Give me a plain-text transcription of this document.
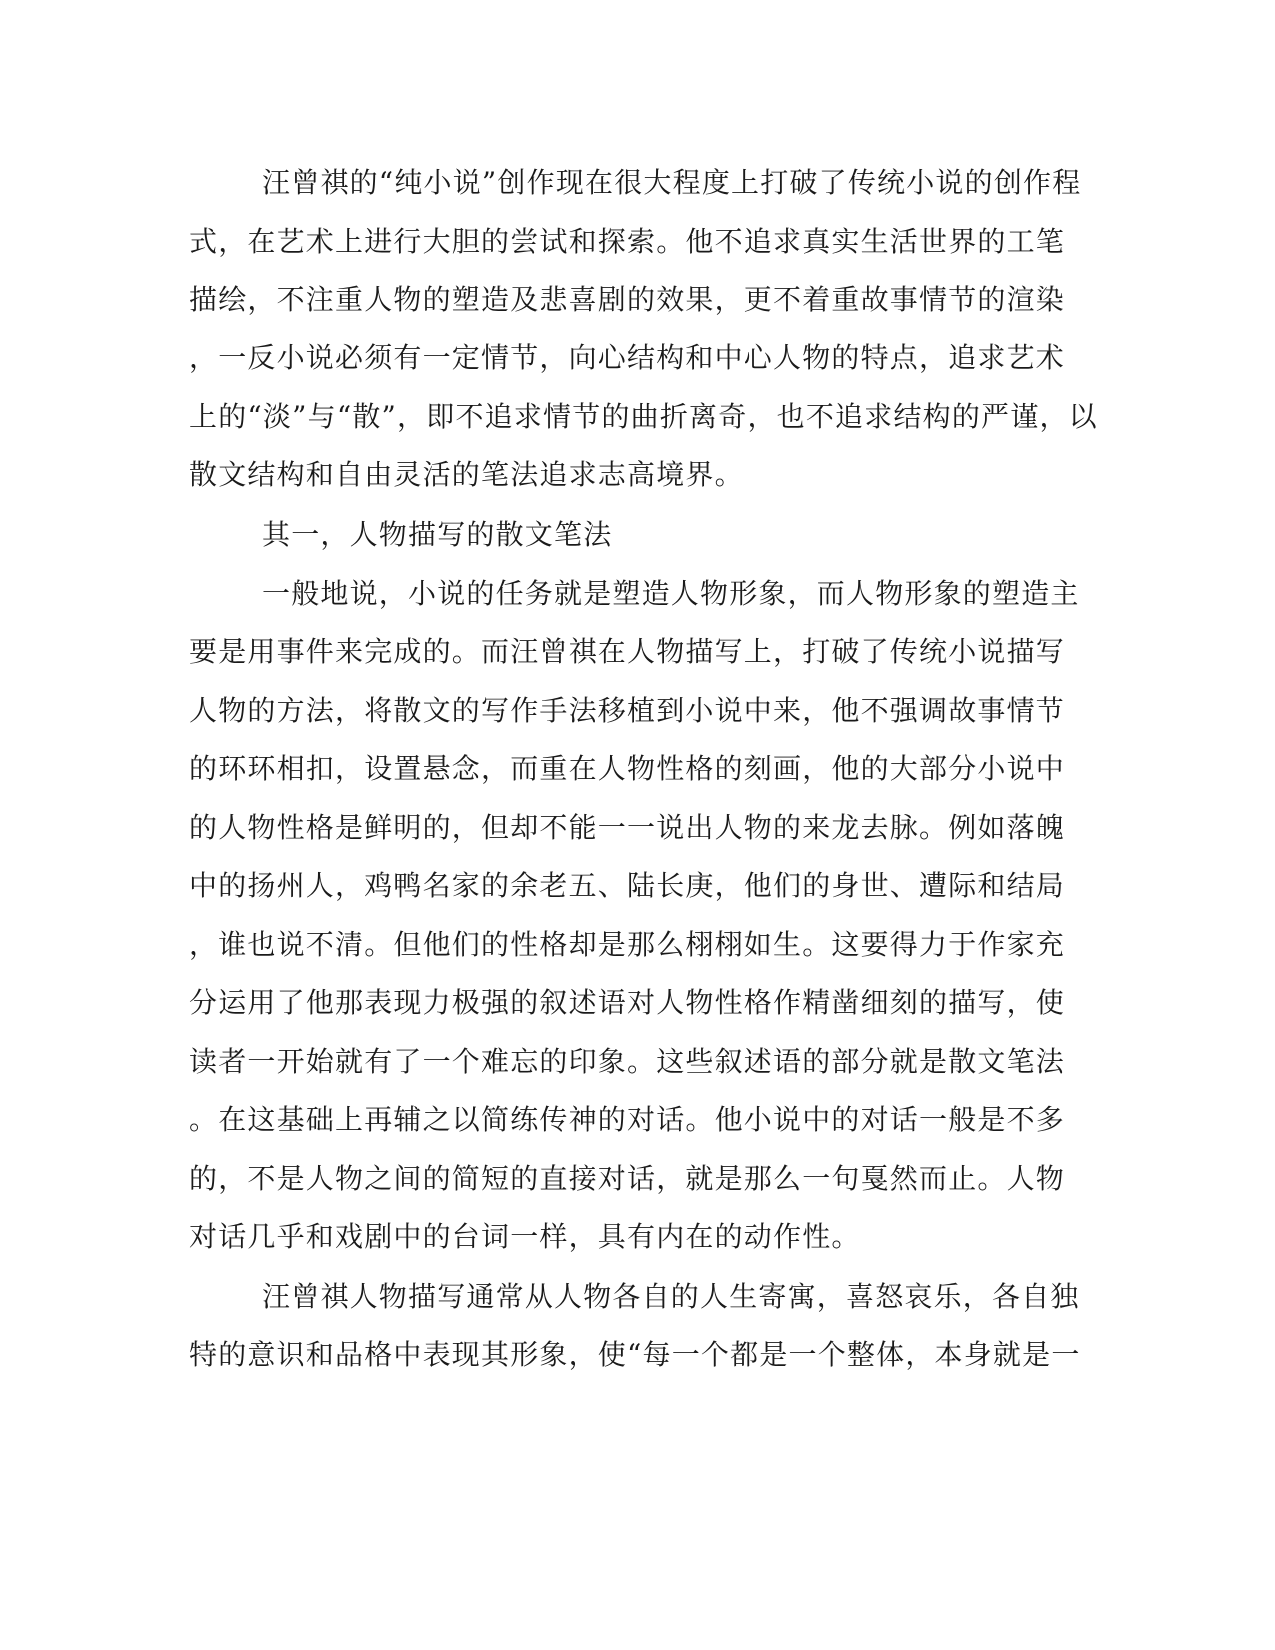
汪曾祺的“纯小说”创作现在很大程度上打破了传统小说的创作程
式，在艺术上进行大胆的尝试和探索。他不追求真实生活世界的工笔
描绘，不注重人物的塑造及悲喜剧的效果，更不着重故事情节的渲染
，一反小说必须有一定情节，向心结构和中心人物的特点，追求艺术
上的“淡”与“散”，即不追求情节的曲折离奇，也不追求结构的严谨，以
散文结构和自由灵活的笔法追求志高境界。
其一，人物描写的散文笔法
一般地说，小说的任务就是塑造人物形象，而人物形象的塑造主
要是用事件来完成的。而汪曾祺在人物描写上，打破了传统小说描写
人物的方法，将散文的写作手法移植到小说中来，他不强调故事情节
的环环相扣，设置悬念，而重在人物性格的刻画，他的大部分小说中
的人物性格是鲜明的，但却不能一一说出人物的来龙去脉。例如落魄
中的扬州人，鸡鸭名家的余老五、陆长庚，他们的身世、遭际和结局
，谁也说不清。但他们的性格却是那么栩栩如生。这要得力于作家充
分运用了他那表现力极强的叙述语对人物性格作精凿细刻的描写，使
读者一开始就有了一个难忘的印象。这些叙述语的部分就是散文笔法
。在这基础上再辅之以简练传神的对话。他小说中的对话一般是不多
的，不是人物之间的简短的直接对话，就是那么一句戛然而止。人物
对话几乎和戏剧中的台词一样，具有内在的动作性。
汪曾祺人物描写通常从人物各自的人生寄寓，喜怒哀乐，各自独
特的意识和品格中表现其形象，使“每一个都是一个整体，本身就是一
